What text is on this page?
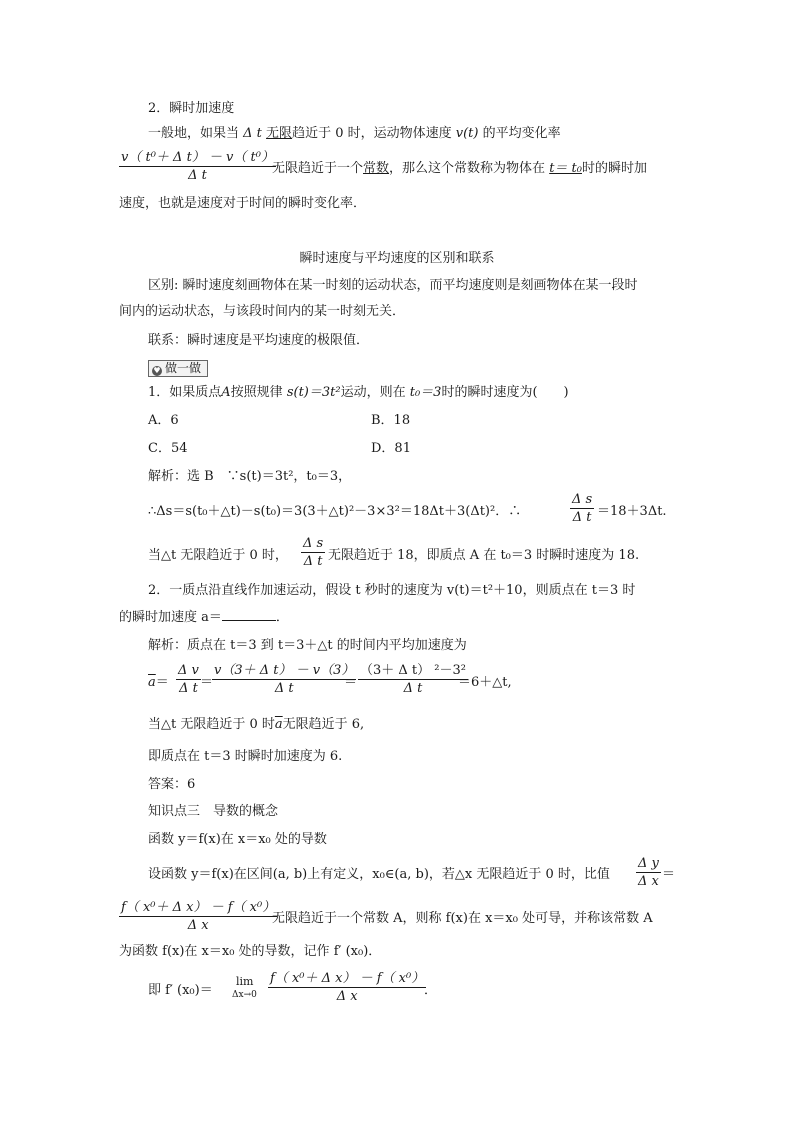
2．瞬时加速度
一般地，如果当 Δ t 无限趋近于 0 时，运动物体速度 v(t) 的平均变化率
$\frac{\text{v（ t⁰＋ Δ t） － v（ t⁰）}}{\text{Δ t}}$
无限趋近于一个常数，那么这个常数称为物体在 t＝ t₀时的瞬时加
速度，也就是速度对于时间的瞬时变化率．
瞬时速度与平均速度的区别和联系
区别: 瞬时速度刻画物体在某一时刻的运动状态，而平均速度则是刻画物体在某一段时
间内的运动状态，与该段时间内的某一时刻无关．
联系：瞬时速度是平均速度的极限值．
♥ 做一做
1．如果质点A按照规律 s(t)＝3t²运动，则在 t₀＝3时的瞬时速度为(　　)
A．6	B．18
C．54	D．81
解析：选 B　∵s(t)＝3t²，t₀＝3，
∴Δs＝s(t₀＋△t)－s(t₀)＝3(3＋△t)²－3×3²＝18Δt＋3(Δt)²．∴	$\frac{\text{Δ s}}{\text{Δ t}} =18+3\Delta t$.
当△t 无限趋近于 0 时， $\frac{\text{Δ s}}{\text{Δ t}}$ 无限趋近于 18，即质点 A 在 t₀＝3 时瞬时速度为 18.
2．一质点沿直线作加速运动，假设 t 秒时的速度为 v(t)＝t²＋10，则质点在 t＝3 时
的瞬时加速度 a＝	．
解析：质点在 t＝3 到 t＝3＋△t 的时间内平均加速度为
$\overline{a}= \frac{\text{Δ v}}{\text{Δ t}}$ ＝
$\frac{\text{v（3＋ Δ t） － v（3）}}{\text{Δ t}}$
＝ $\frac{\text{（3＋ Δ t） ²－3²}}{\text{Δ t}}$
＝6＋△t,
当△t 无限趋近于 0 时$\overline{a}$无限趋近于 6,
即质点在 t＝3 时瞬时加速度为 6.
答案：6
知识点三　导数的概念
函数 y＝f(x)在 x＝x₀ 处的导数
设函数 y＝f(x)在区间(a, b)上有定义，x₀∈(a, b)，若△x 无限趋近于 0 时，比值 $\frac{\text{Δ y}}{\text{Δ x}}$ ＝
$\frac{\text{f（ x⁰＋ Δ x） － f（ x⁰）}}{\text{Δ x}}$
无限趋近于一个常数 A，则称 f(x)在 x＝x₀ 处可导，并称该常数 A
为函数 f(x)在 x＝x₀ 处的导数，记作 f′ (x₀)．
即 f′ (x₀)＝
lim
$\Delta x\to 0 \frac{\text{f（ x⁰＋ Δ x） － f（ x⁰）}}{\text{Δ x}}$
．
